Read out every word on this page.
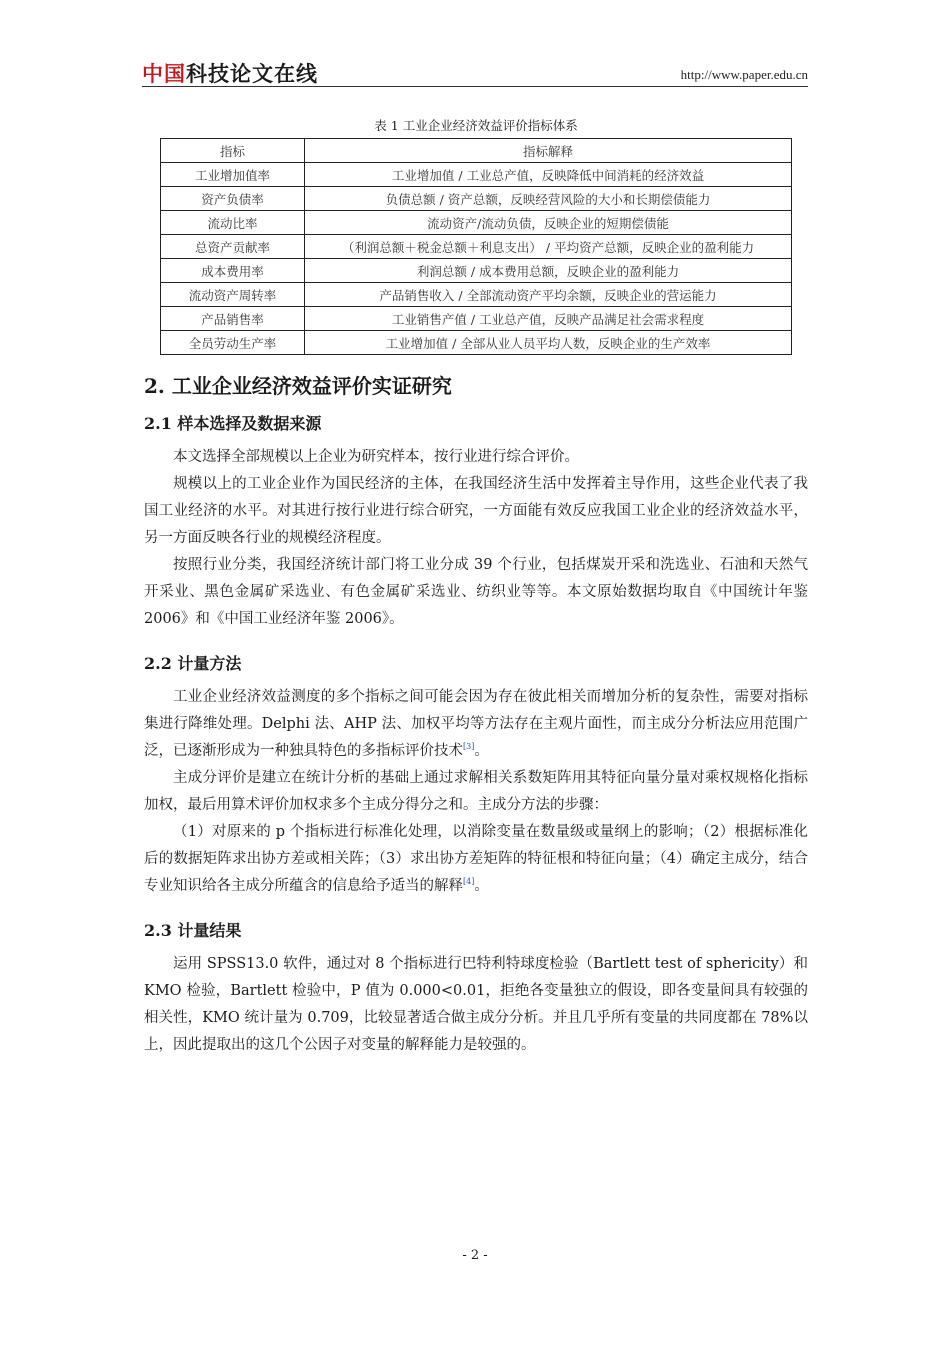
中国科技论文在线	http://www.paper.edu.cn
表 1 工业企业经济效益评价指标体系
指标	指标解释
工业增加值率	工业增加值 / 工业总产值，反映降低中间消耗的经济效益
资产负债率	负债总额 / 资产总额，反映经营风险的大小和长期偿债能力
流动比率	流动资产/流动负债，反映企业的短期偿债能
总资产贡献率	（利润总额＋税金总额＋利息支出） / 平均资产总额，反映企业的盈利能力
成本费用率	利润总额 / 成本费用总额，反映企业的盈利能力
流动资产周转率	产品销售收入 / 全部流动资产平均余额，反映企业的营运能力
产品销售率	工业销售产值 / 工业总产值，反映产品满足社会需求程度
全员劳动生产率	工业增加值 / 全部从业人员平均人数，反映企业的生产效率
2. 工业企业经济效益评价实证研究
2.1 样本选择及数据来源
本文选择全部规模以上企业为研究样本，按行业进行综合评价。
规模以上的工业企业作为国民经济的主体，在我国经济生活中发挥着主导作用，这些企业代表了我国工业经济的水平。对其进行按行业进行综合研究，一方面能有效反应我国工业企业的经济效益水平，另一方面反映各行业的规模经济程度。
按照行业分类，我国经济统计部门将工业分成 39 个行业，包括煤炭开采和洗选业、石油和天然气开采业、黑色金属矿采选业、有色金属矿采选业、纺织业等等。本文原始数据均取自《中国统计年鉴 2006》和《中国工业经济年鉴 2006》。
2.2 计量方法
工业企业经济效益测度的多个指标之间可能会因为存在彼此相关而增加分析的复杂性，需要对指标集进行降维处理。Delphi 法、AHP 法、加权平均等方法存在主观片面性，而主成分分析法应用范围广泛，已逐渐形成为一种独具特色的多指标评价技术[3]。
主成分评价是建立在统计分析的基础上通过求解相关系数矩阵用其特征向量分量对乘权规格化指标加权，最后用算术评价加权求多个主成分得分之和。主成分方法的步骤：
（1）对原来的 p 个指标进行标准化处理，以消除变量在数量级或量纲上的影响；（2）根据标准化后的数据矩阵求出协方差或相关阵；（3）求出协方差矩阵的特征根和特征向量；（4）确定主成分，结合专业知识给各主成分所蕴含的信息给予适当的解释[4]。
2.3 计量结果
运用 SPSS13.0 软件，通过对 8 个指标进行巴特利特球度检验（Bartlett test of sphericity）和 KMO 检验，Bartlett 检验中，P 值为 0.000<0.01，拒绝各变量独立的假设，即各变量间具有较强的相关性，KMO 统计量为 0.709，比较显著适合做主成分分析。并且几乎所有变量的共同度都在 78%以上，因此提取出的这几个公因子对变量的解释能力是较强的。
- 2 -
